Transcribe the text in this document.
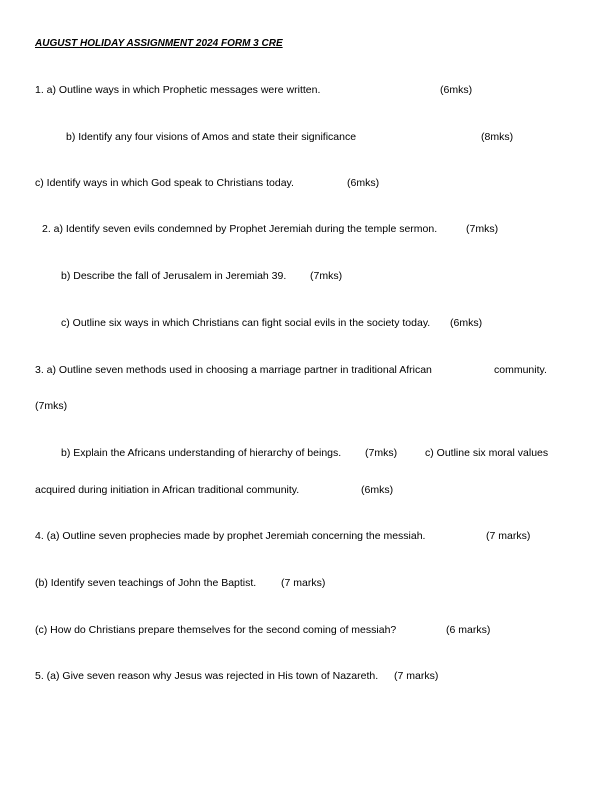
AUGUST HOLIDAY ASSIGNMENT 2024 FORM 3 CRE
1. a) Outline ways in which Prophetic messages were written.	(6mks)
b) Identify any four visions of Amos and state their significance	(8mks)
c) Identify ways in which God speak to Christians today.	(6mks)
2. a) Identify seven evils condemned by Prophet Jeremiah during the temple sermon.	(7mks)
b) Describe the fall of Jerusalem in Jeremiah 39. (7mks)
c) Outline six ways in which Christians can fight social evils in the society today. (6mks)
3. a) Outline seven methods used in choosing a marriage partner in traditional African	community.
(7mks)
b) Explain the Africans understanding of hierarchy of beings. (7mks)	c) Outline six moral values
acquired during initiation in African traditional community.	(6mks)
4. (a) Outline seven prophecies made by prophet Jeremiah concerning the messiah.	(7 marks)
(b) Identify seven teachings of John the Baptist. (7 marks)
(c) How do Christians prepare themselves for the second coming of messiah?	(6 marks)
5. (a) Give seven reason why Jesus was rejected in His town of Nazareth. (7 marks)
